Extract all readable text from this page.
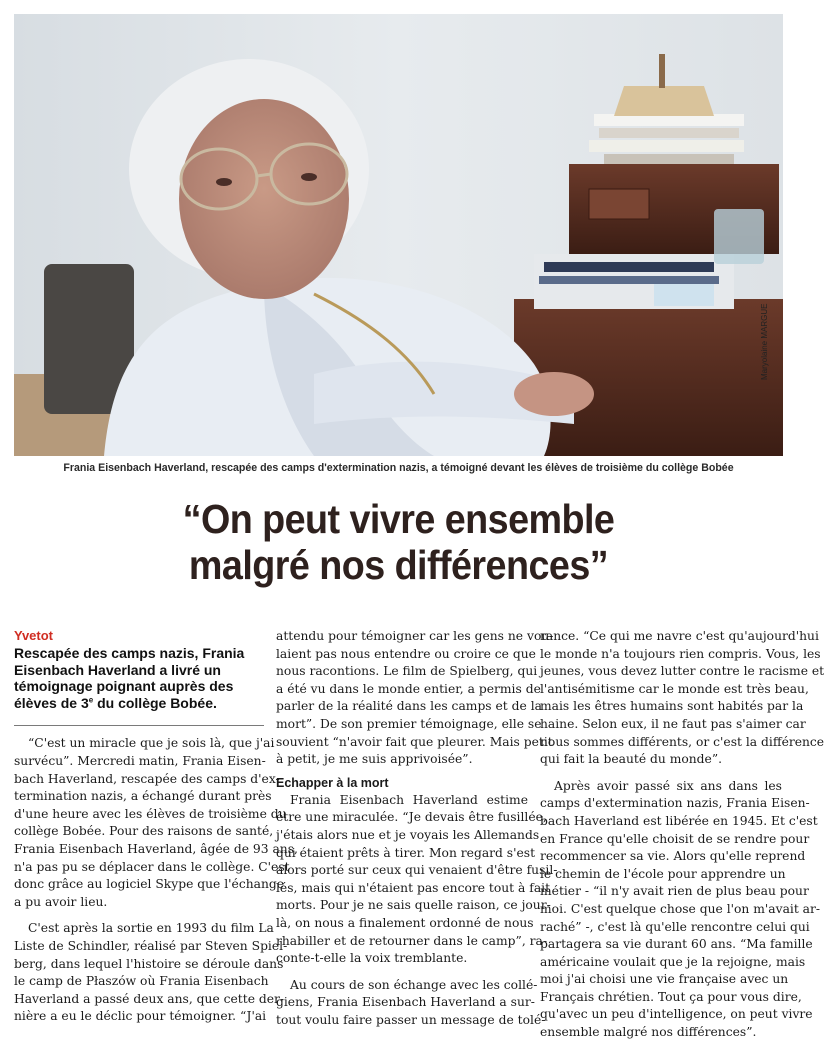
Maryolaine MARGUE
Frania Eisenbach Haverland, rescapée des camps d'extermination nazis, a témoigné devant les élèves de troisième du collège Bobée
“On peut vivre ensemble
malgré nos différences”
Yvetot
Rescapée des camps nazis, Frania
Eisenbach Haverland a livré un
témoignage poignant auprès des
élèves de 3e du collège Bobée.
“C'est un miracle que je sois là, que j'ai
survécu”. Mercredi matin, Frania Eisen-
bach Haverland, rescapée des camps d'ex-
termination nazis, a échangé durant près
d'une heure avec les élèves de troisième du
collège Bobée. Pour des raisons de santé,
Frania Eisenbach Haverland, âgée de 93 ans,
n'a pas pu se déplacer dans le collège. C'est
donc grâce au logiciel Skype que l'échange
a pu avoir lieu.
C'est après la sortie en 1993 du film La
Liste de Schindler, réalisé par Steven Spiel-
berg, dans lequel l'histoire se déroule dans
le camp de Płaszów où Frania Eisenbach
Haverland a passé deux ans, que cette der-
nière a eu le déclic pour témoigner. “J'ai
attendu pour témoigner car les gens ne vou-
laient pas nous entendre ou croire ce que
nous racontions. Le film de Spielberg, qui
a été vu dans le monde entier, a permis de
parler de la réalité dans les camps et de la
mort”. De son premier témoignage, elle se
souvient “n'avoir fait que pleurer. Mais petit
à petit, je me suis apprivoisée”.
Echapper à la mort
Frania Eisenbach Haverland estime
être une miraculée. “Je devais être fusillée,
j'étais alors nue et je voyais les Allemands
qui étaient prêts à tirer. Mon regard s'est
alors porté sur ceux qui venaient d'être fusil-
lés, mais qui n'étaient pas encore tout à fait
morts. Pour je ne sais quelle raison, ce jour-
là, on nous a finalement ordonné de nous
rhabiller et de retourner dans le camp”, ra-
conte-t-elle la voix tremblante.
Au cours de son échange avec les collé-
giens, Frania Eisenbach Haverland a sur-
tout voulu faire passer un message de tolé-
rance. “Ce qui me navre c'est qu'aujourd'hui
le monde n'a toujours rien compris. Vous, les
jeunes, vous devez lutter contre le racisme et
l'antisémitisme car le monde est très beau,
mais les êtres humains sont habités par la
haine. Selon eux, il ne faut pas s'aimer car
nous sommes différents, or c'est la différence
qui fait la beauté du monde”.
Après avoir passé six ans dans les
camps d'extermination nazis, Frania Eisen-
bach Haverland est libérée en 1945. Et c'est
en France qu'elle choisit de se rendre pour
recommencer sa vie. Alors qu'elle reprend
le chemin de l'école pour apprendre un
métier - “il n'y avait rien de plus beau pour
moi. C'est quelque chose que l'on m'avait ar-
raché” -, c'est là qu'elle rencontre celui qui
partagera sa vie durant 60 ans. “Ma famille
américaine voulait que je la rejoigne, mais
moi j'ai choisi une vie française avec un
Français chrétien. Tout ça pour vous dire,
qu'avec un peu d'intelligence, on peut vivre
ensemble malgré nos différences”.
